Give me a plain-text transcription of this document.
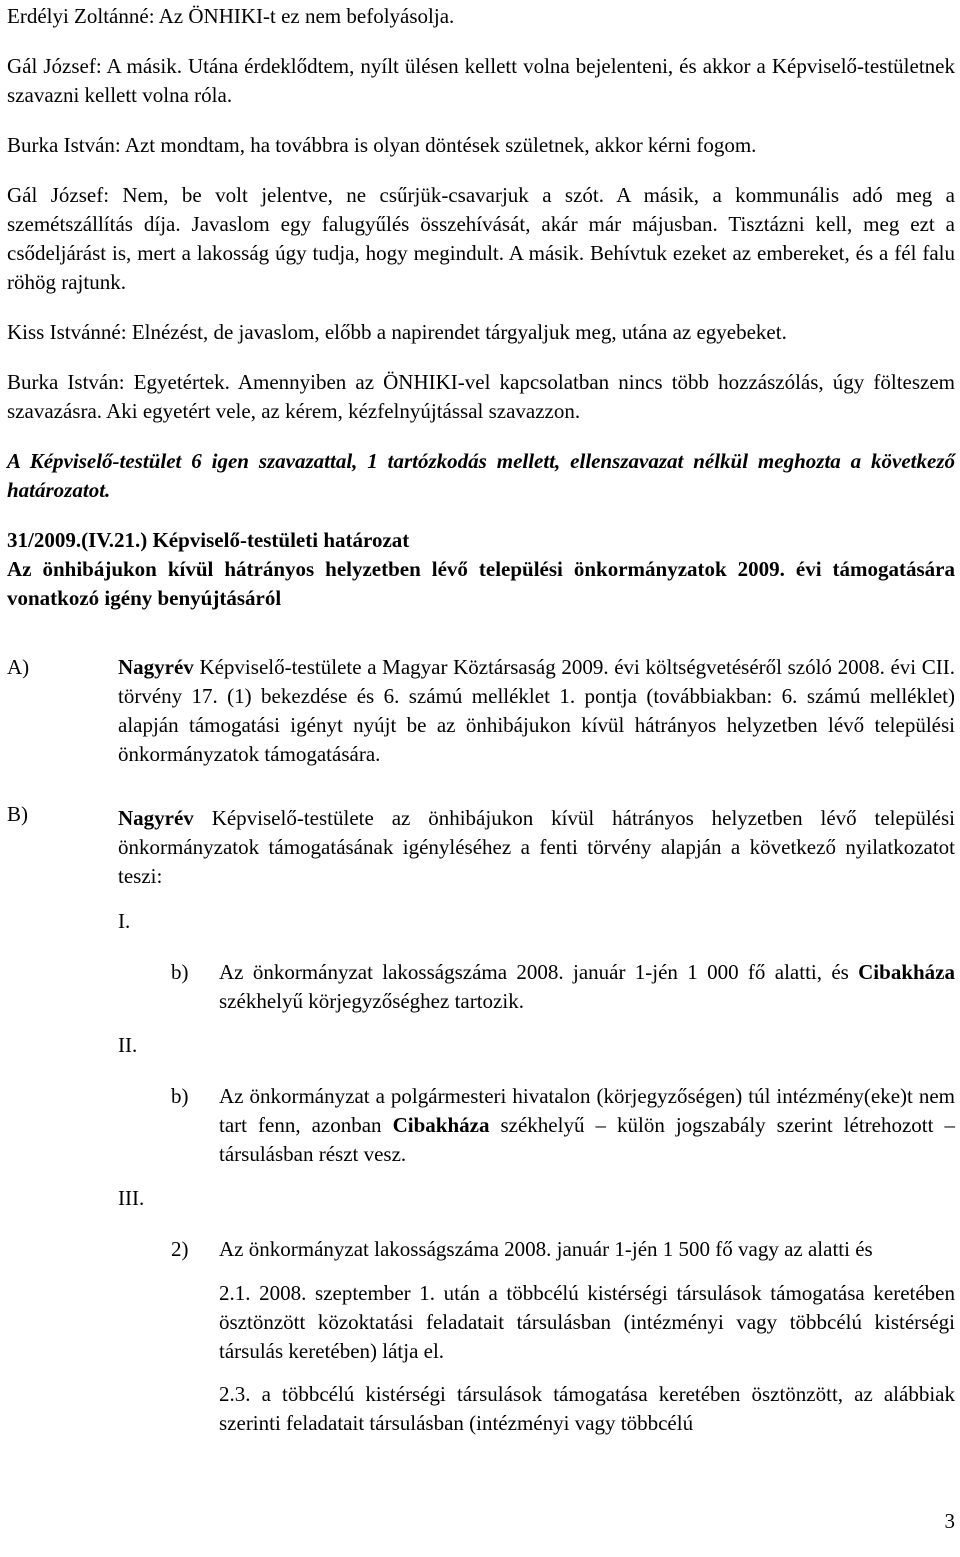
Erdélyi Zoltánné: Az ÖNHIKI-t ez nem befolyásolja.

Gál József: A másik. Utána érdeklődtem, nyílt ülésen kellett volna bejelenteni, és akkor a Képviselő-testületnek szavazni kellett volna róla.

Burka István: Azt mondtam, ha továbbra is olyan döntések születnek, akkor kérni fogom.

Gál József: Nem, be volt jelentve, ne csűrjük-csavarjuk a szót. A másik, a kommunális adó meg a szemétszállítás díja. Javaslom egy falugyűlés összehívását, akár már májusban. Tisztázni kell, meg ezt a csődeljárást is, mert a lakosság úgy tudja, hogy megindult. A másik. Behívtuk ezeket az embereket, és a fél falu röhög rajtunk.

Kiss Istvánné: Elnézést, de javaslom, előbb a napirendet tárgyaljuk meg, utána az egyebeket.

Burka István: Egyetértek. Amennyiben az ÖNHIKI-vel kapcsolatban nincs több hozzászólás, úgy fölteszem szavazásra. Aki egyetért vele, az kérem, kézfelnyújtással szavazzon.

A Képviselő-testület 6 igen szavazattal, 1 tartózkodás mellett, ellenszavazat nélkül meghozta a következő határozatot.

31/2009.(IV.21.) Képviselő-testületi határozat

Az önhibájukon kívül hátrányos helyzetben lévő települési önkormányzatok 2009. évi támogatására vonatkozó igény benyújtásáról

A)	Nagyrév Képviselő-testülete a Magyar Köztársaság 2009. évi költségvetéséről szóló 2008. évi CII. törvény 17. (1) bekezdése és 6. számú melléklet 1. pontja (továbbiakban: 6. számú melléklet) alapján támogatási igényt nyújt be az önhibájukon kívül hátrányos helyzetben lévő települési önkormányzatok támogatására.

B)	Nagyrév Képviselő-testülete az önhibájukon kívül hátrányos helyzetben lévő települési önkormányzatok támogatásának igényléséhez a fenti törvény alapján a következő nyilatkozatot teszi:

I.

b) Az önkormányzat lakosságszáma 2008. január 1-jén 1 000 fő alatti, és Cibakháza székhelyű körjegyzőséghez tartozik.

II.

b) Az önkormányzat a polgármesteri hivatalon (körjegyzőségen) túl intézmény(eke)t nem tart fenn, azonban Cibakháza székhelyű – külön jogszabály szerint létrehozott – társulásban részt vesz.

III.

2) Az önkormányzat lakosságszáma 2008. január 1-jén 1 500 fő vagy az alatti és

2.1. 2008. szeptember 1. után a többcélú kistérségi társulások támogatása keretében ösztönzött közoktatási feladatait társulásban (intézményi vagy többcélú kistérségi társulás keretében) látja el.

2.3. a többcélú kistérségi társulások támogatása keretében ösztönzött, az alábbiak szerinti feladatait társulásban (intézményi vagy többcélú

3
